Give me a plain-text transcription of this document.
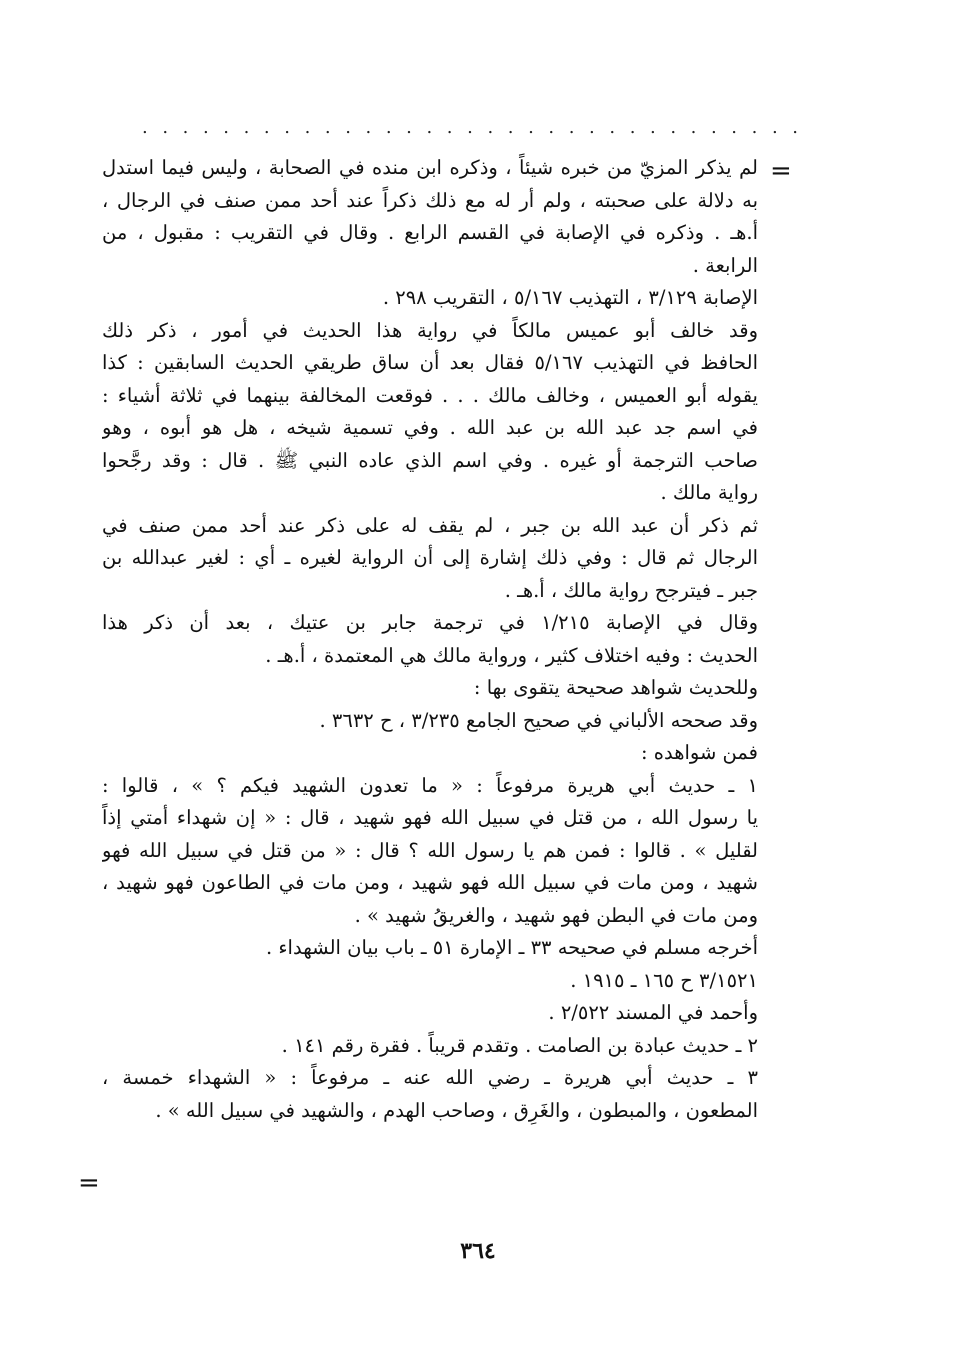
. . . . . . . . . . . . . . . . . . . . . . . . . . . . . . . . .
=
=
لم يذكر المزيّ من خبره شيئاً ، وذكره ابن منده في الصحابة ، وليس فيما استدل
به دلالة على صحبته ، ولم أر له مع ذلك ذكراً عند أحد ممن صنف في الرجال ،
أ.هـ . وذكره في الإصابة في القسم الرابع . وقال في التقريب : مقبول ، من
الرابعة .
الإصابة ٣/١٢٩ ، التهذيب ٥/١٦٧ ، التقريب ٢٩٨ .
وقد خالف أبو عميس مالكاً في رواية هذا الحديث في أمور ، ذكر ذلك
الحافظ في التهذيب ٥/١٦٧ فقال بعد أن ساق طريقي الحديث السابقين : كذا
يقوله أبو العميس ، وخالف مالك . . . فوقعت المخالفة بينهما في ثلاثة أشياء :
في اسم جد عبد الله بن عبد الله . وفي تسمية شيخه ، هل هو أبوه ، وهو
صاحب الترجمة أو غيره . وفي اسم الذي عاده النبي ﷺ . قال : وقد رجَّحوا
رواية مالك .
ثم ذكر أن عبد الله بن جبر ، لم يقف له على ذكر عند أحد ممن صنف في
الرجال ثم قال : وفي ذلك إشارة إلى أن الرواية لغيره ـ أي : لغير عبدالله بن
جبر ـ فيترجح رواية مالك ، أ.هـ .
وقال في الإصابة ١/٢١٥ في ترجمة جابر بن عتيك ، بعد أن ذكر هذا
الحديث : وفيه اختلاف كثير ، ورواية مالك هي المعتمدة ، أ.هـ .
وللحديث شواهد صحيحة يتقوى بها :
وقد صححه الألباني في صحيح الجامع ٣/٢٣٥ ، ح ٣٦٣٢ .
فمن شواهده :
١ ـ حديث أبي هريرة مرفوعاً : « ما تعدون الشهيد فيكم ؟ » ، قالوا :
يا رسول الله ، من قتل في سبيل الله فهو شهيد ، قال : « إن شهداء أمتي إذاً
لقليل » . قالوا : فمن هم يا رسول الله ؟ قال : « من قتل في سبيل الله فهو
شهيد ، ومن مات في سبيل الله فهو شهيد ، ومن مات في الطاعون فهو شهيد ،
ومن مات في البطن فهو شهيد ، والغريقُ شهيد » .
أخرجه مسلم في صحيحه ٣٣ ـ الإمارة ٥١ ـ باب بيان الشهداء .
٣/١٥٢١ ح ١٦٥ ـ ١٩١٥ .
وأحمد في المسند ٢/٥٢٢ .
٢ ـ حديث عبادة بن الصامت . وتقدم قريباً . فقرة رقم ١٤١ .
٣ ـ حديث أبي هريرة ـ رضي الله عنه ـ مرفوعاً : « الشهداء خمسة ،
المطعون ، والمبطون ، والغَرِق ، وصاحب الهدم ، والشهيد في سبيل الله » .
٣٦٤
